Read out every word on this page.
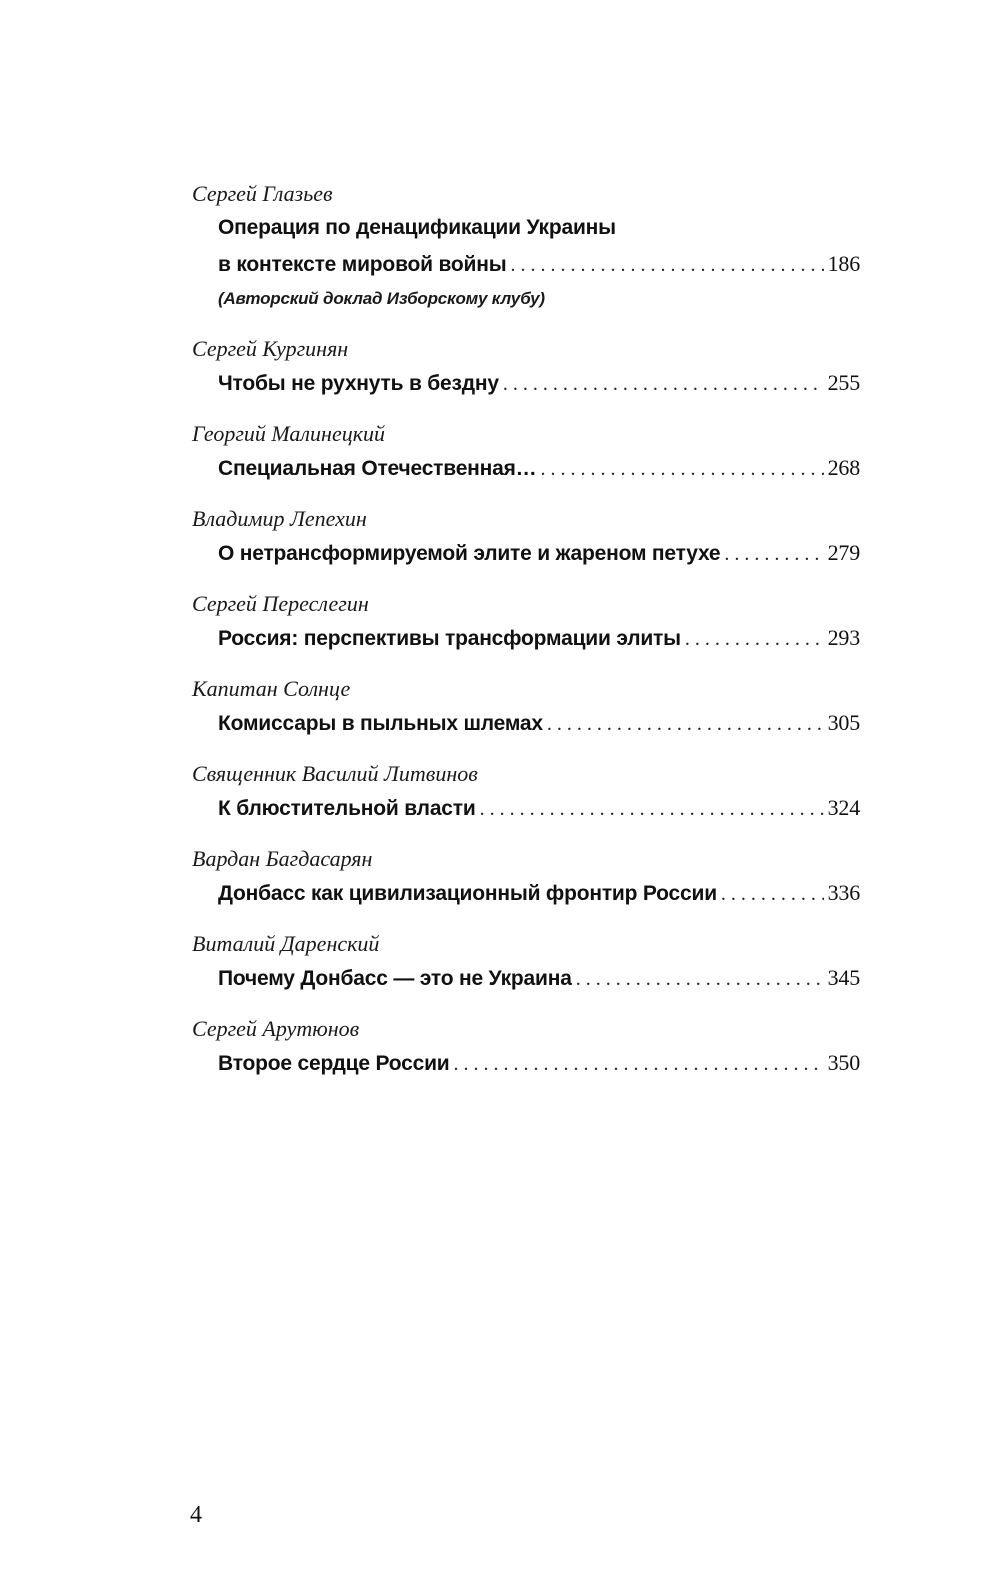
Сергей Глазьев
Операция по денацификации Украины
в контексте мировой войны . . .	186
(Авторский доклад Изборскому клубу)
Сергей Кургинян
Чтобы не рухнуть в бездну . . .	255
Георгий Малинецкий
Специальная Отечественная… . . .	268
Владимир Лепехин
О нетрансформируемой элите и жареном петухе . . .	279
Сергей Переслегин
Россия: перспективы трансформации элиты . . .	293
Капитан Солнце
Комиссары в пыльных шлемах . . .	305
Священник Василий Литвинов
К блюстительной власти . . .	324
Вардан Багдасарян
Донбасс как цивилизационный фронтир России . . .	336
Виталий Даренский
Почему Донбасс — это не Украина . . .	345
Сергей Арутюнов
Второе сердце России . . .	350
4
